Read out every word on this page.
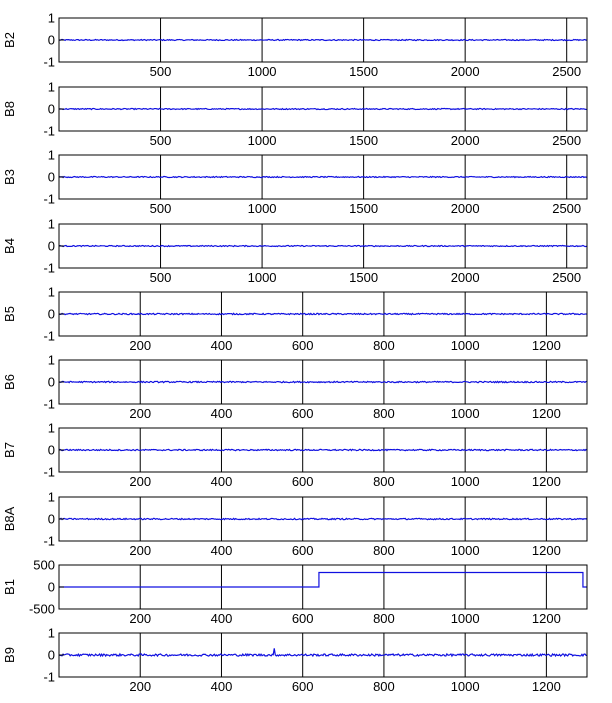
-1
0
1
500	1000	1500	2000	2500
B2
-1
0
1
500	1000	1500	2000	2500
B8
-1
0
1
500	1000	1500	2000	2500
B3
-1
0
1
500	1000	1500	2000	2500
B4
-1
0
1
200	400	600	800	1000	1200
B5
-1
0
1
200	400	600	800	1000	1200
B6
-1
0
1
200	400	600	800	1000	1200
B7
-1
0
1
200	400	600	800	1000	1200
B8A
-500
0
500
200	400	600	800	1000	1200
B1
-1
0
1
200	400	600	800	1000	1200
B9
